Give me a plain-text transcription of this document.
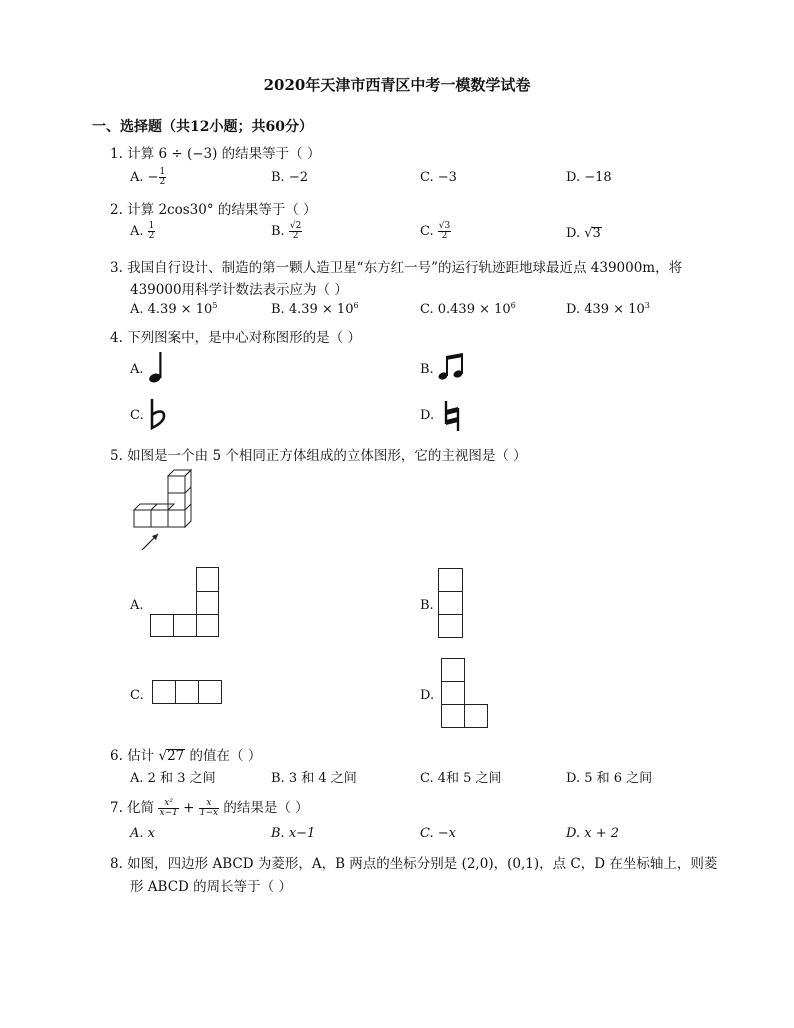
2020年天津市西青区中考一模数学试卷
一、选择题（共12小题；共60分）
1. 计算 6 ÷ (−3) 的结果等于（ ）
A. − $\frac{1}{2}$	B. −2	C. −3	D. −18
2. 计算 2cos30° 的结果等于（ ）
A. $\frac{1}{2}$	B. $\frac{√2}{2}$	C. $\frac{√3}{2}$	D. √3
3. 我国自行设计、制造的第一颗人造卫星“东方红一号”的运行轨迹距地球最近点 439000m，将
439000用科学计数法表示应为（ ）
A. $4.39 \times 10^5$	B. $4.39 \times 10^6$	C. $0.439 \times 10^6$	D. $439 \times 10^3$
4. 下列图案中，是中心对称图形的是（ ）
A.	B.
C.	D.
5. 如图是一个由 5 个相同正方体组成的立体图形，它的主视图是（ ）
A.	B.
C.	D.
6. 估计 √27 的值在（ ）
A. 2 和 3 之间	B. 3 和 4 之间	C. 4和 5 之间	D. 5 和 6 之间
7. 化简 $\frac{\text{x²}}{x-1} + \frac{x}{1-x}$ 的结果是（ ）
A. x	B. x−1	C. −x	D. x + 2
8. 如图，四边形 ABCD 为菱形，A，B 两点的坐标分别是 (2,0)，(0,1)，点 C，D 在坐标轴上，则菱
形 ABCD 的周长等于（ ）
